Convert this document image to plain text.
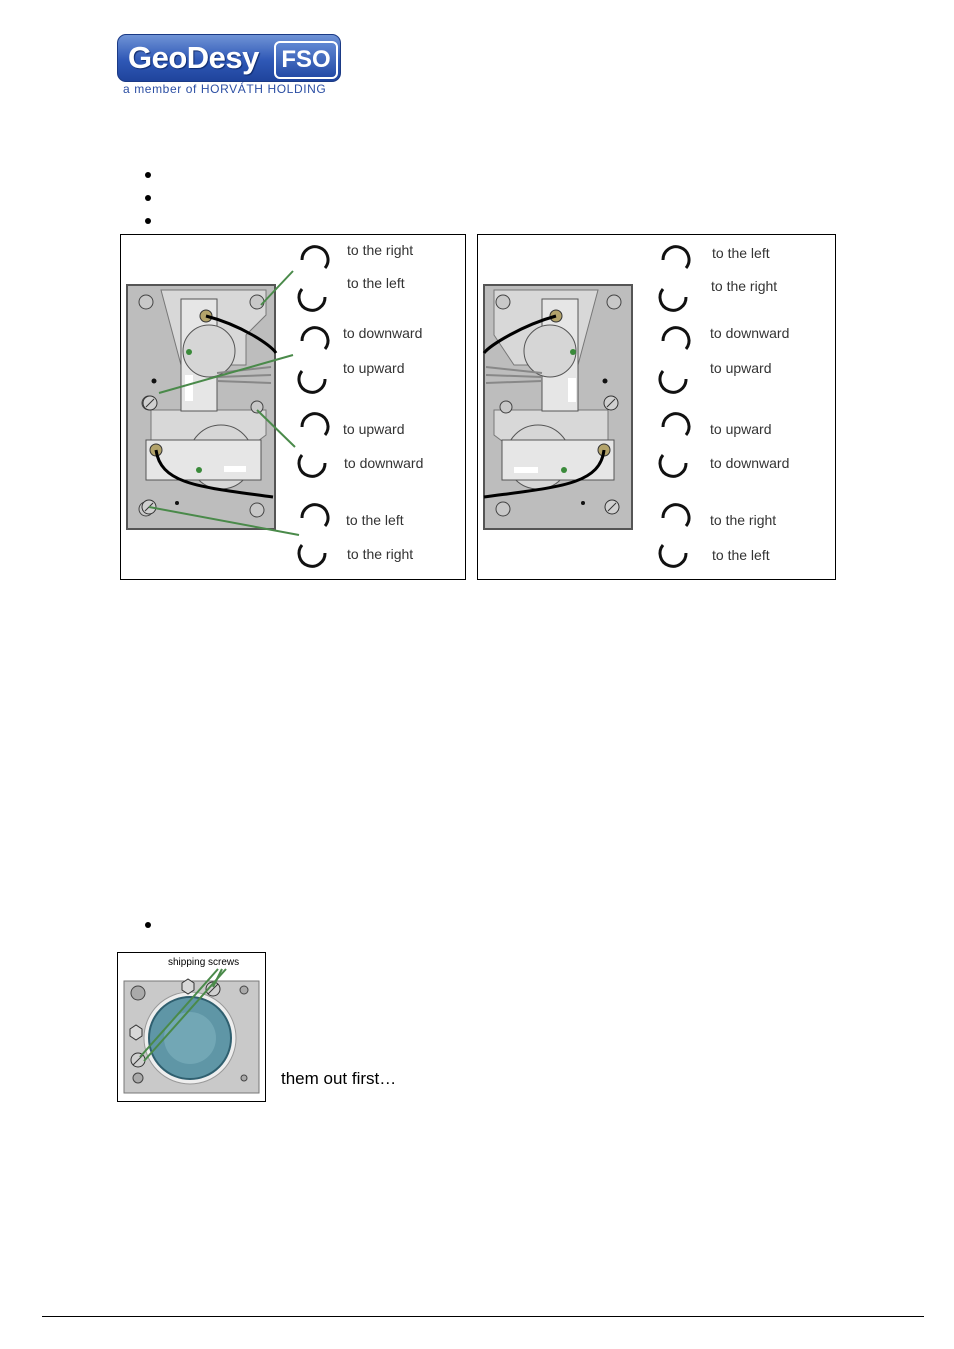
GeoDesy FSO
a member of HORVÁTH HOLDING
to the right
to the left
to downward
to upward
to upward
to downward
to the left
to the right
to the left
to the right
to downward
to upward
to upward
to downward
to the right
to the left
shipping screws
them out first…
